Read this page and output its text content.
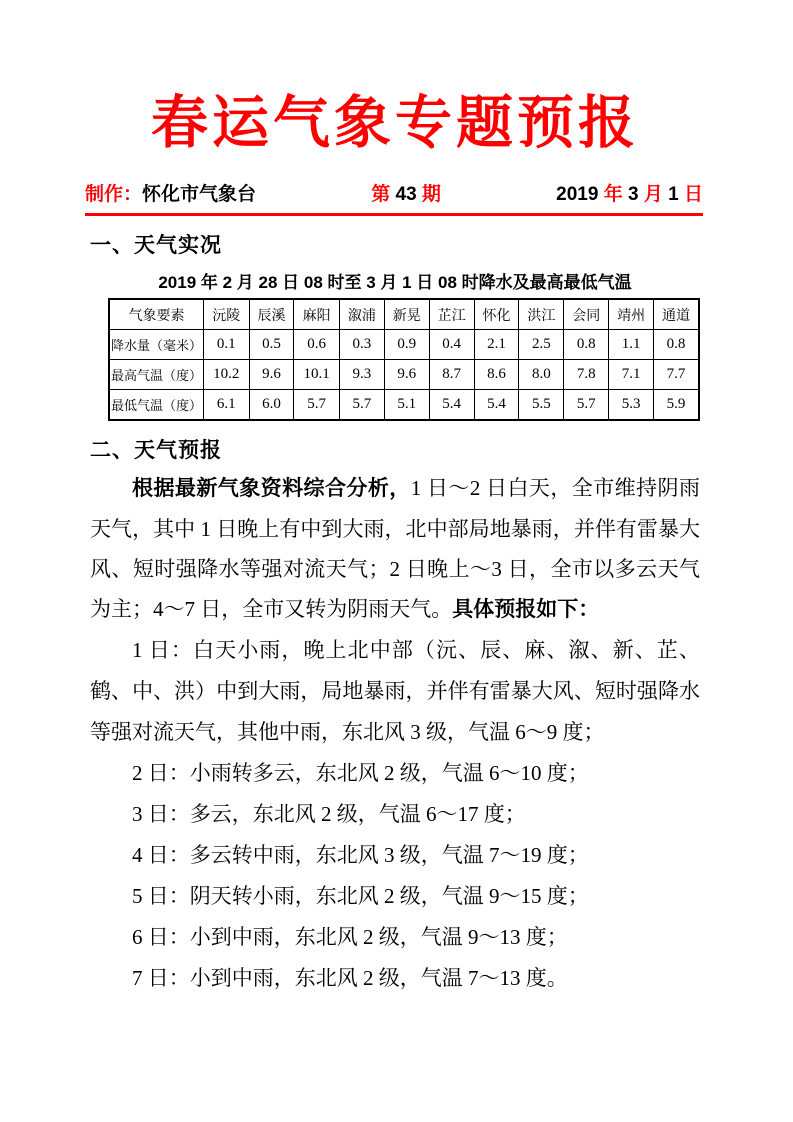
春运气象专题预报
制作：怀化市气象台	第 43 期	2019 年 3 月 1 日
一、天气实况
2019 年 2 月 28 日 08 时至 3 月 1 日 08 时降水及最高最低气温
气象要素	沅陵	辰溪	麻阳	溆浦	新晃	芷江	怀化	洪江	会同	靖州	通道
降水量（毫米）	0.1	0.5	0.6	0.3	0.9	0.4	2.1	2.5	0.8	1.1	0.8
最高气温（度）	10.2	9.6	10.1	9.3	9.6	8.7	8.6	8.0	7.8	7.1	7.7
最低气温（度）	6.1	6.0	5.7	5.7	5.1	5.4	5.4	5.5	5.7	5.3	5.9
二、天气预报

根据最新气象资料综合分析，1 日～2 日白天，全市维持阴雨天气，其中 1 日晚上有中到大雨，北中部局地暴雨，并伴有雷暴大风、短时强降水等强对流天气；2 日晚上～3 日，全市以多云天气为主；4～7 日，全市又转为阴雨天气。具体预报如下：

1 日：白天小雨，晚上北中部（沅、辰、麻、溆、新、芷、鹤、中、洪）中到大雨，局地暴雨，并伴有雷暴大风、短时强降水等强对流天气，其他中雨，东北风 3 级，气温 6～9 度；

2 日：小雨转多云，东北风 2 级，气温 6～10 度；

3 日：多云，东北风 2 级，气温 6～17 度；

4 日：多云转中雨，东北风 3 级，气温 7～19 度；

5 日：阴天转小雨，东北风 2 级，气温 9～15 度；

6 日：小到中雨，东北风 2 级，气温 9～13 度；

7 日：小到中雨，东北风 2 级，气温 7～13 度。
